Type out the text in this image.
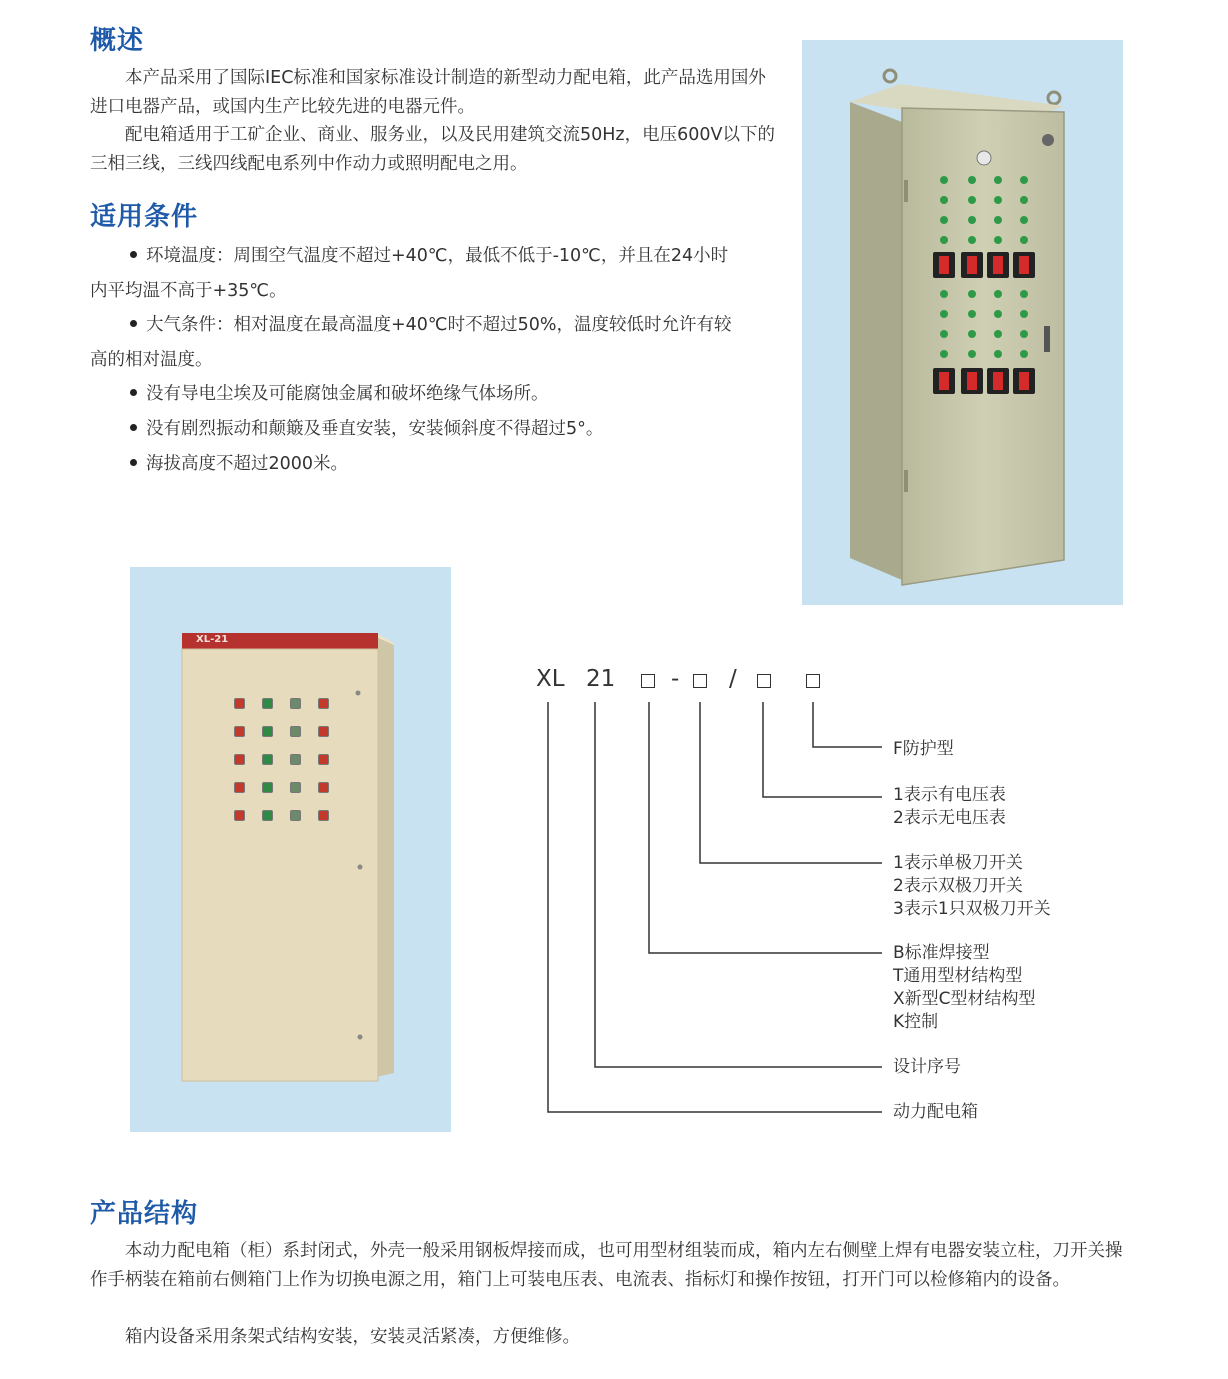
概述
本产品采用了国际IEC标准和国家标准设计制造的新型动力配电箱，此产品选用国外进口电器产品，或国内生产比较先进的电器元件。
配电箱适用于工矿企业、商业、服务业，以及民用建筑交流50Hz，电压600V以下的三相三线，三线四线配电系列中作动力或照明配电之用。
适用条件
环境温度：周围空气温度不超过+40℃，最低不低于-10℃，并且在24小时
内平均温不高于+35℃。
大气条件：相对温度在最高温度+40℃时不超过50%，温度较低时允许有较
高的相对温度。
没有导电尘埃及可能腐蚀金属和破坏绝缘气体场所。
没有剧烈振动和颠簸及垂直安装，安装倾斜度不得超过5°。
海拔高度不超过2000米。
XL-21
XL 21 - /
F防护型
1表示有电压表
2表示无电压表
1表示单极刀开关
2表示双极刀开关
3表示1只双极刀开关
B标准焊接型
T通用型材结构型
X新型C型材结构型
K控制
设计序号
动力配电箱
产品结构
本动力配电箱（柜）系封闭式，外壳一般采用钢板焊接而成，也可用型材组装而成，箱内左右侧壁上焊有电器安装立柱，刀开关操作手柄装在箱前右侧箱门上作为切换电源之用，箱门上可装电压表、电流表、指标灯和操作按钮，打开门可以检修箱内的设备。
箱内设备采用条架式结构安装，安装灵活紧凑，方便维修。
